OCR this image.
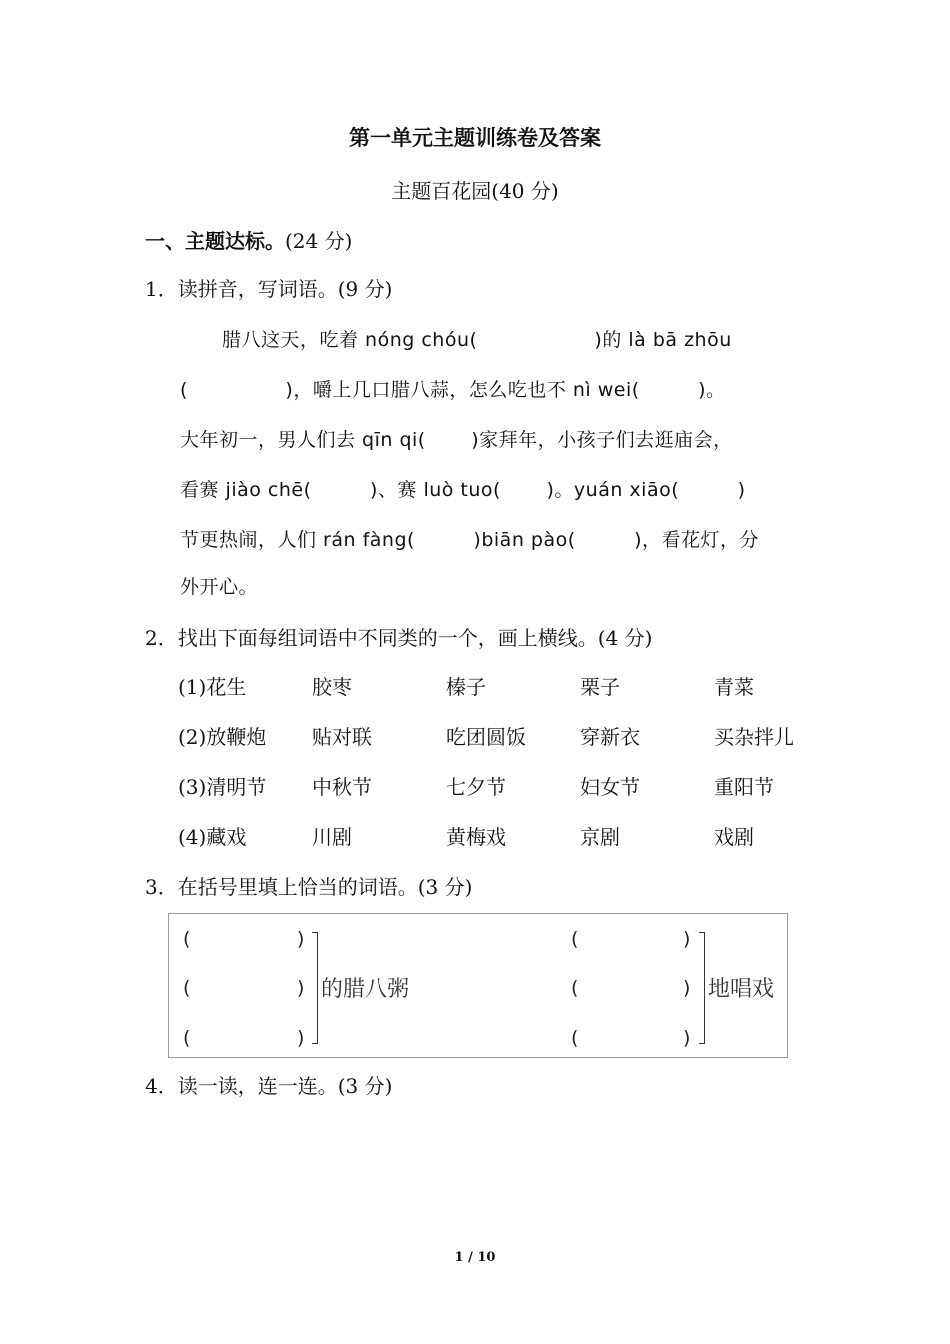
第一单元主题训练卷及答案
主题百花园(40 分)
一、主题达标。(24 分)
1．读拼音，写词语。(9 分)
腊八这天，吃着 nóng chóu(　　　　　　)的 là bā zhōu
(　　　　　)，嚼上几口腊八蒜，怎么吃也不 nì wei(　　　)。
大年初一，男人们去 qīn qi(　　 )家拜年，小孩子们去逛庙会，
看赛 jiào chē(　　　)、赛 luò tuo(　　 )。yuán xiāo(　　　)
节更热闹，人们 rán fàng(　　　)biān pào(　　　)，看花灯，分
外开心。
2．找出下面每组词语中不同类的一个，画上横线。(4 分)
(1)花生	胶枣	榛子	栗子	青菜
(2)放鞭炮 贴对联	吃团圆饭	穿新衣	买杂拌儿
(3)清明节 中秋节	七夕节	妇女节	重阳节
(4)藏戏	川剧	黄梅戏	京剧	戏剧
3．在括号里填上恰当的词语。(3 分)
(	)
(	)
(	)
的腊八粥
(	)
(	)
(	)
地唱戏
4．读一读，连一连。(3 分)
1 / 10
